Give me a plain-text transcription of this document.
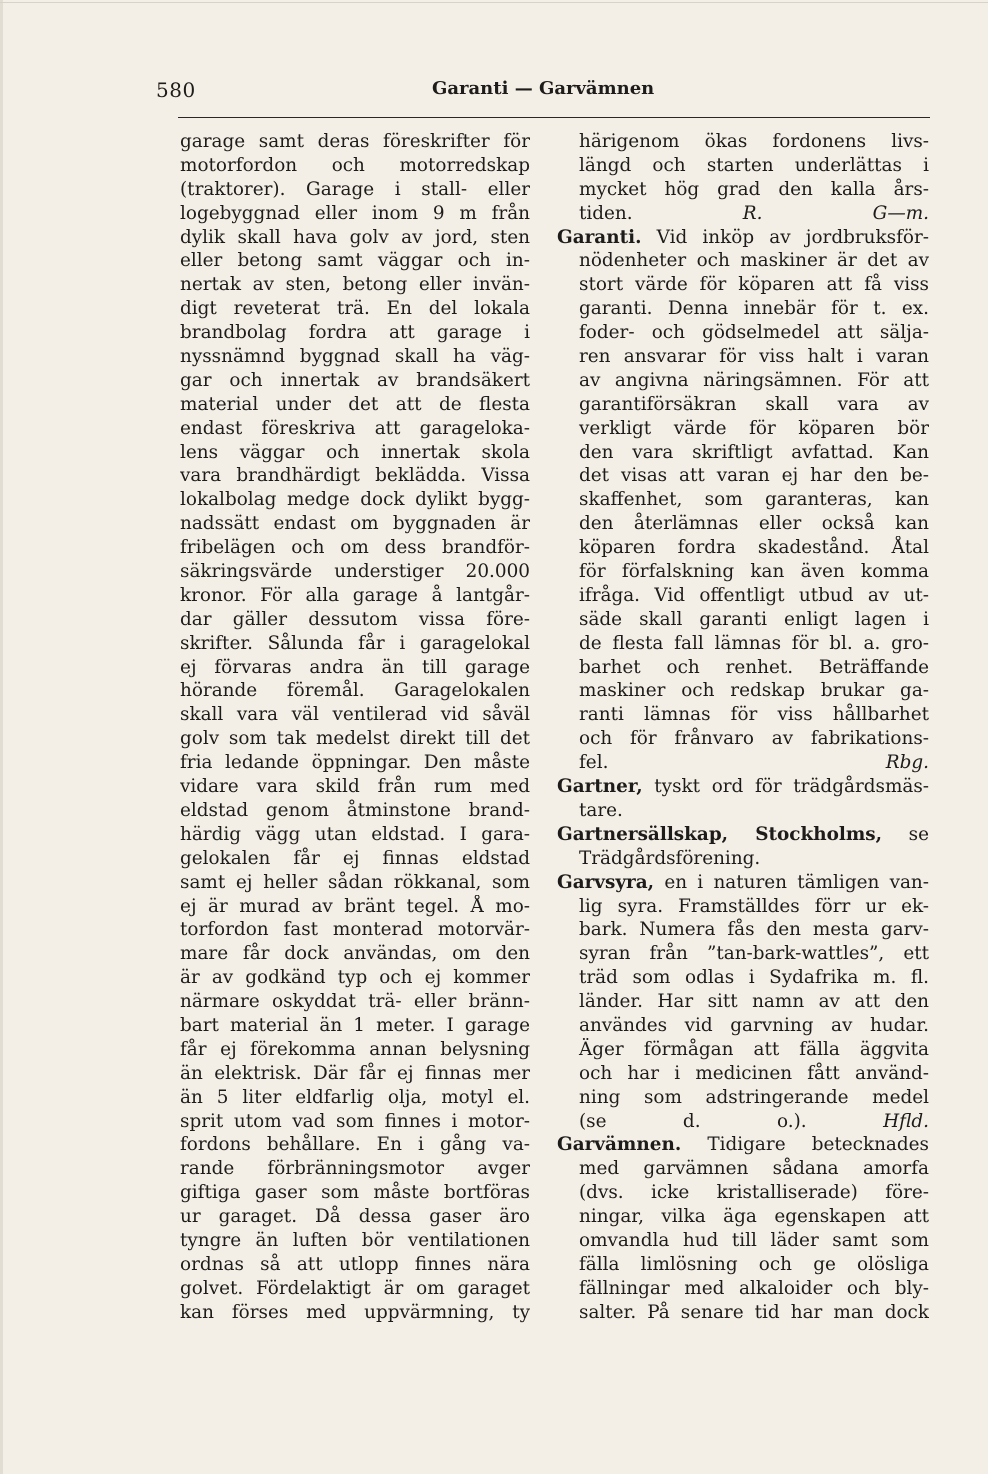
580	Garanti — Garvämnen
garage samt deras föreskrifter för
motorfordon och motorredskap
(traktorer). Garage i stall- eller
logebyggnad eller inom 9 m från
dylik skall hava golv av jord, sten
eller betong samt väggar och in-
nertak av sten, betong eller invän-
digt reveterat trä. En del lokala
brandbolag fordra att garage i
nyssnämnd byggnad skall ha väg-
gar och innertak av brandsäkert
material under det att de flesta
endast föreskriva att garageloka-
lens väggar och innertak skola
vara brandhärdigt beklädda. Vissa
lokalbolag medge dock dylikt bygg-
nadssätt endast om byggnaden är
fribelägen och om dess brandför-
säkringsvärde understiger 20.000
kronor. För alla garage å lantgår-
dar gäller dessutom vissa före-
skrifter. Sålunda får i garagelokal
ej förvaras andra än till garage
hörande föremål. Garagelokalen
skall vara väl ventilerad vid såväl
golv som tak medelst direkt till det
fria ledande öppningar. Den måste
vidare vara skild från rum med
eldstad genom åtminstone brand-
härdig vägg utan eldstad. I gara-
gelokalen får ej finnas eldstad
samt ej heller sådan rökkanal, som
ej är murad av bränt tegel. Å mo-
torfordon fast monterad motorvär-
mare får dock användas, om den
är av godkänd typ och ej kommer
närmare oskyddat trä- eller bränn-
bart material än 1 meter. I garage
får ej förekomma annan belysning
än elektrisk. Där får ej finnas mer
än 5 liter eldfarlig olja, motyl el.
sprit utom vad som finnes i motor-
fordons behållare. En i gång va-
rande förbränningsmotor avger
giftiga gaser som måste bortföras
ur garaget. Då dessa gaser äro
tyngre än luften bör ventilationen
ordnas så att utlopp finnes nära
golvet. Fördelaktigt är om garaget
kan förses med uppvärmning, ty
härigenom ökas fordonens livs-
längd och starten underlättas i
mycket hög grad den kalla års-
tiden.	R. G—m.
Garanti. Vid inköp av jordbruksför-
nödenheter och maskiner är det av
stort värde för köparen att få viss
garanti. Denna innebär för t. ex.
foder- och gödselmedel att sälja-
ren ansvarar för viss halt i varan
av angivna näringsämnen. För att
garantiförsäkran skall vara av
verkligt värde för köparen bör
den vara skriftligt avfattad. Kan
det visas att varan ej har den be-
skaffenhet, som garanteras, kan
den återlämnas eller också kan
köparen fordra skadestånd. Åtal
för förfalskning kan även komma
ifråga. Vid offentligt utbud av ut-
säde skall garanti enligt lagen i
de flesta fall lämnas för bl. a. gro-
barhet och renhet. Beträffande
maskiner och redskap brukar ga-
ranti lämnas för viss hållbarhet
och för frånvaro av fabrikations-
fel.	Rbg.
Gartner, tyskt ord för trädgårdsmäs-
tare.
Gartnersällskap, Stockholms, se
Trädgårdsförening.
Garvsyra, en i naturen tämligen van-
lig syra. Framställdes förr ur ek-
bark. Numera fås den mesta garv-
syran från ”tan-bark-wattles”, ett
träd som odlas i Sydafrika m. fl.
länder. Har sitt namn av att den
användes vid garvning av hudar.
Äger förmågan att fälla äggvita
och har i medicinen fått använd-
ning som adstringerande medel
(se d. o.).	Hfld.
Garvämnen. Tidigare betecknades
med garvämnen sådana amorfa
(dvs. icke kristalliserade) före-
ningar, vilka äga egenskapen att
omvandla hud till läder samt som
fälla limlösning och ge olösliga
fällningar med alkaloider och bly-
salter. På senare tid har man dock
